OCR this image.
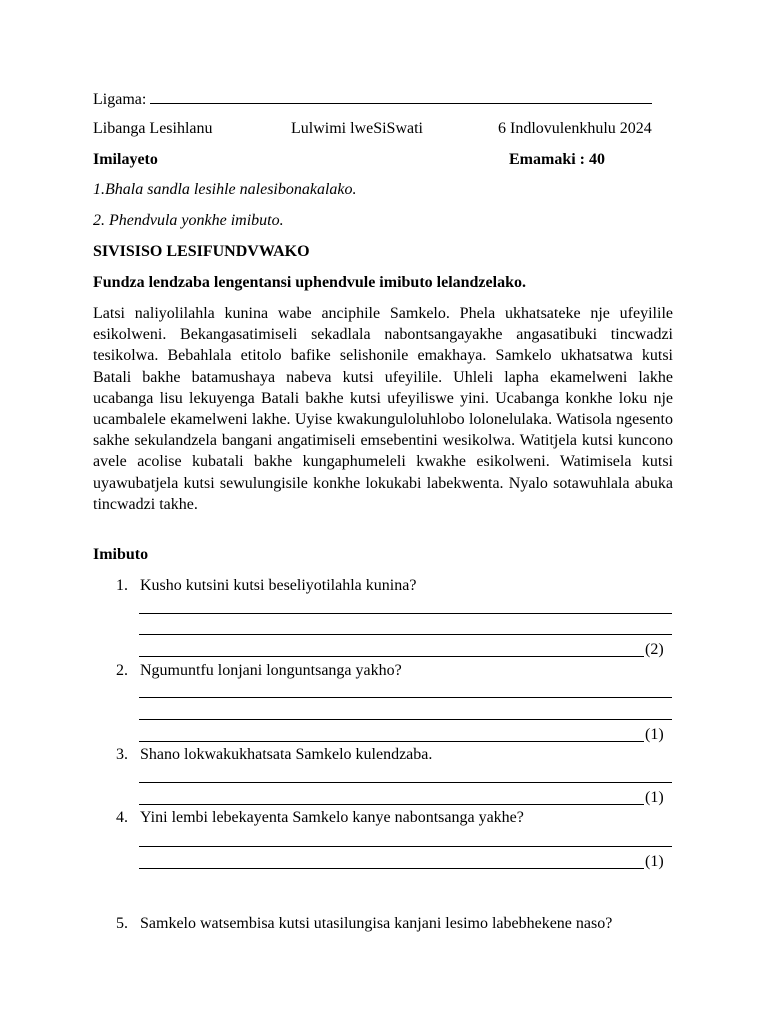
Ligama:
Libanga Lesihlanu	Lulwimi lweSiSwati	6 Indlovulenkhulu 2024
Imilayeto	Emamaki : 40
1.Bhala sandla lesihle nalesibonakalako.
2. Phendvula yonkhe imibuto.
SIVISISO LESIFUNDVWAKO
Fundza lendzaba lengentansi uphendvule imibuto lelandzelako.

Latsi naliyolilahla kunina wabe anciphile Samkelo. Phela ukhatsateke nje ufeyilile esikolweni. Bekangasatimiseli sekadlala nabontsangayakhe angasatibuki tincwadzi tesikolwa. Bebahlala etitolo bafike selishonile emakhaya. Samkelo ukhatsatwa kutsi Batali bakhe batamushaya nabeva kutsi ufeyilile. Uhleli lapha ekamelweni lakhe ucabanga lisu lekuyenga Batali bakhe kutsi ufeyiliswe yini. Ucabanga konkhe loku nje ucambalele ekamelweni lakhe. Uyise kwakunguloluhlobo lolonelulaka. Watisola ngesento sakhe sekulandzela bangani angatimiseli emsebentini wesikolwa. Watitjela kutsi kuncono avele acolise kubatali bakhe kungaphumeleli kwakhe esikolweni. Watimisela kutsi uyawubatjela kutsi sewulungisile konkhe lokukabi labekwenta. Nyalo sotawuhlala abuka tincwadzi takhe.

Imibuto
1. Kusho kutsini kutsi beseliyotilahla kunina?
(2)
2. Ngumuntfu lonjani longuntsanga yakho?
(1)
3. Shano lokwakukhatsata Samkelo kulendzaba.
(1)
4. Yini lembi lebekayenta Samkelo kanye nabontsanga yakhe?
(1)
5. Samkelo watsembisa kutsi utasilungisa kanjani lesimo labebhekene naso?
